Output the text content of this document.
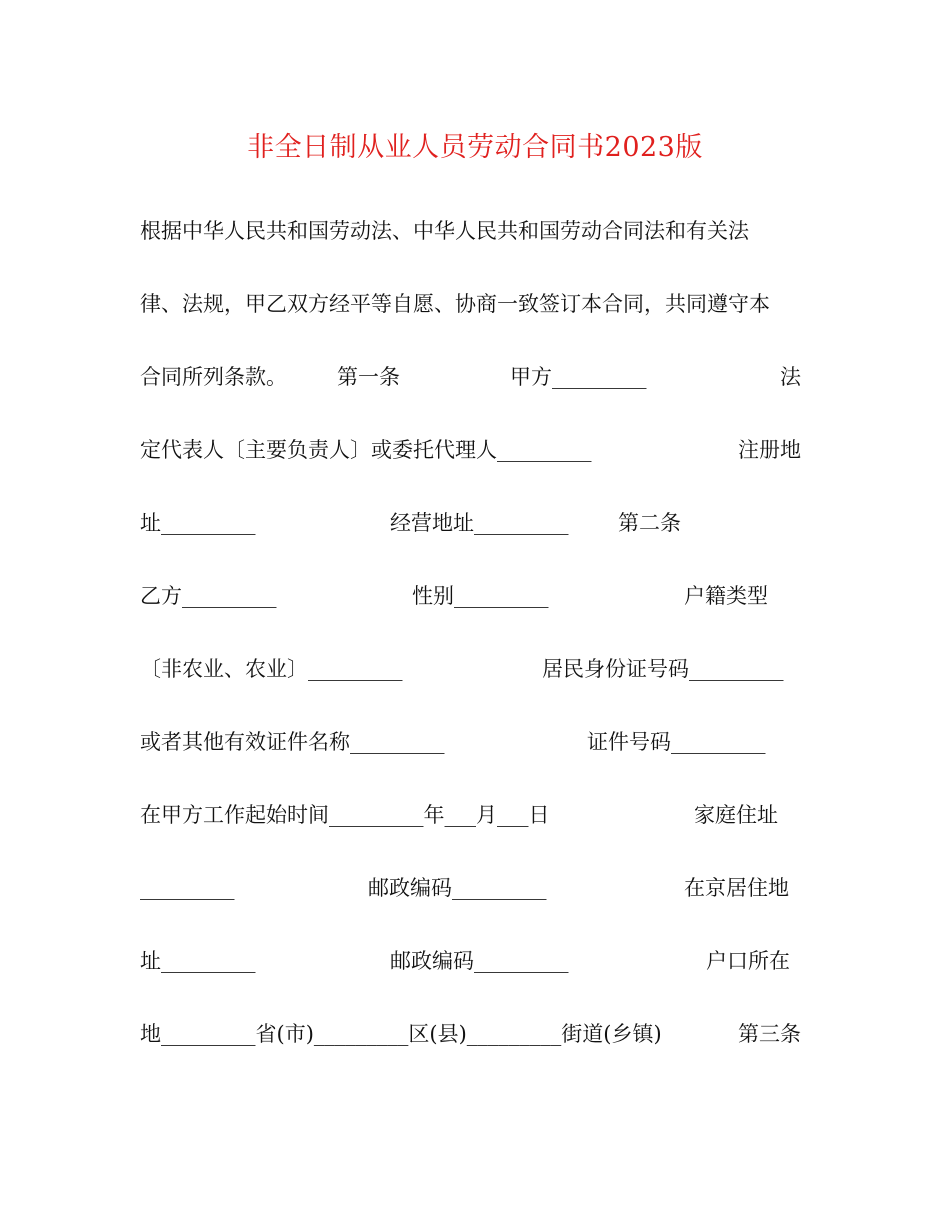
非全日制从业人员劳动合同书2023版
根据中华人民共和国劳动法、中华人民共和国劳动合同法和有关法
律、法规，甲乙双方经平等自愿、协商一致签订本合同，共同遵守本
合同所列条款。 第一条	甲方_________	法
定代表人〔主要负责人〕或委托代理人_________	注册地
址_________	经营地址_________ 第二条
乙方_________	性别_________	户籍类型
〔非农业、农业〕_________	居民身份证号码_________
或者其他有效证件名称_________	证件号码_________
在甲方工作起始时间_________年___月___日	家庭住址
_________	邮政编码_________	在京居住地
址_________	邮政编码_________	户口所在
地_________省(市)_________区(县)_________街道(乡镇)	第三条
